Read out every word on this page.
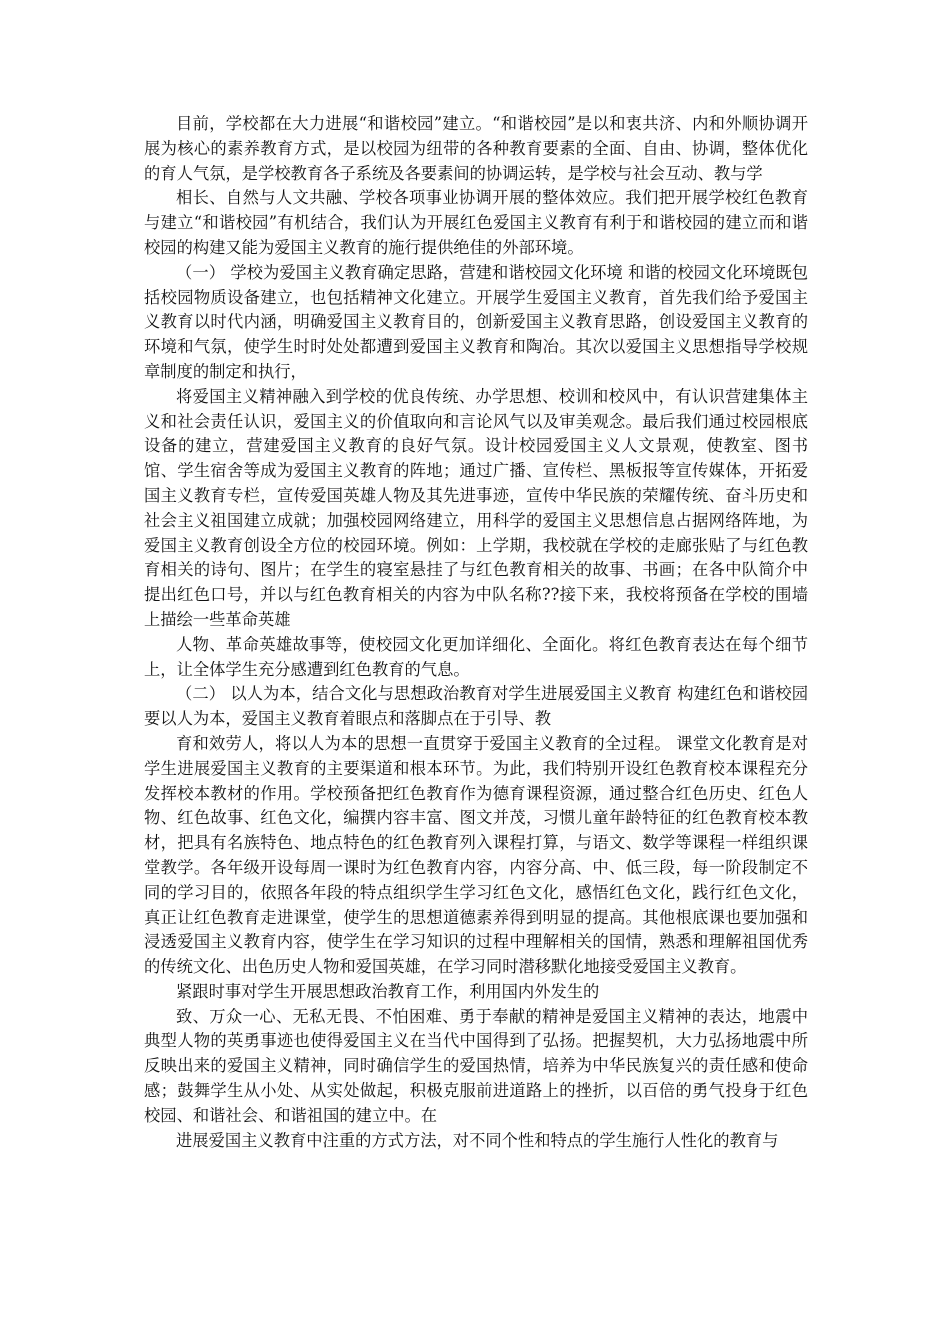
目前，学校都在大力进展“和谐校园”建立。“和谐校园”是以和衷共济、内和外顺协调开展为核心的素养教育方式，是以校园为纽带的各种教育要素的全面、自由、协调，整体优化的育人气氛，是学校教育各子系统及各要素间的协调运转，是学校与社会互动、教与学

相长、自然与人文共融、学校各项事业协调开展的整体效应。我们把开展学校红色教育与建立“和谐校园”有机结合，我们认为开展红色爱国主义教育有利于和谐校园的建立而和谐校园的构建又能为爱国主义教育的施行提供绝佳的外部环境。

（一） 学校为爱国主义教育确定思路，营建和谐校园文化环境 和谐的校园文化环境既包括校园物质设备建立，也包括精神文化建立。开展学生爱国主义教育，首先我们给予爱国主义教育以时代内涵，明确爱国主义教育目的，创新爱国主义教育思路，创设爱国主义教育的环境和气氛，使学生时时处处都遭到爱国主义教育和陶冶。其次以爱国主义思想指导学校规章制度的制定和执行，

将爱国主义精神融入到学校的优良传统、办学思想、校训和校风中，有认识营建集体主义和社会责任认识，爱国主义的价值取向和言论风气以及审美观念。最后我们通过校园根底设备的建立，营建爱国主义教育的良好气氛。设计校园爱国主义人文景观，使教室、图书馆、学生宿舍等成为爱国主义教育的阵地；通过广播、宣传栏、黑板报等宣传媒体，开拓爱国主义教育专栏，宣传爱国英雄人物及其先进事迹，宣传中华民族的荣耀传统、奋斗历史和社会主义祖国建立成就；加强校园网络建立，用科学的爱国主义思想信息占据网络阵地，为爱国主义教育创设全方位的校园环境。例如：上学期，我校就在学校的走廊张贴了与红色教育相关的诗句、图片；在学生的寝室悬挂了与红色教育相关的故事、书画；在各中队简介中提出红色口号，并以与红色教育相关的内容为中队名称??接下来，我校将预备在学校的围墙上描绘一些革命英雄

人物、革命英雄故事等，使校园文化更加详细化、全面化。将红色教育表达在每个细节上，让全体学生充分感遭到红色教育的气息。

（二） 以人为本，结合文化与思想政治教育对学生进展爱国主义教育 构建红色和谐校园要以人为本，爱国主义教育着眼点和落脚点在于引导、教

育和效劳人，将以人为本的思想一直贯穿于爱国主义教育的全过程。 课堂文化教育是对学生进展爱国主义教育的主要渠道和根本环节。为此，我们特别开设红色教育校本课程充分发挥校本教材的作用。学校预备把红色教育作为德育课程资源，通过整合红色历史、红色人物、红色故事、红色文化，编撰内容丰富、图文并茂，习惯儿童年龄特征的红色教育校本教材，把具有名族特色、地点特色的红色教育列入课程打算，与语文、数学等课程一样组织课堂教学。各年级开设每周一课时为红色教育内容，内容分高、中、低三段，每一阶段制定不同的学习目的，依照各年段的特点组织学生学习红色文化，感悟红色文化，践行红色文化，真正让红色教育走进课堂，使学生的思想道德素养得到明显的提高。其他根底课也要加强和浸透爱国主义教育内容，使学生在学习知识的过程中理解相关的国情，熟悉和理解祖国优秀的传统文化、出色历史人物和爱国英雄，在学习同时潜移默化地接受爱国主义教育。

紧跟时事对学生开展思想政治教育工作，利用国内外发生的

致、万众一心、无私无畏、不怕困难、勇于奉献的精神是爱国主义精神的表达，地震中典型人物的英勇事迹也使得爱国主义在当代中国得到了弘扬。把握契机，大力弘扬地震中所反映出来的爱国主义精神，同时确信学生的爱国热情，培养为中华民族复兴的责任感和使命感；鼓舞学生从小处、从实处做起，积极克服前进道路上的挫折，以百倍的勇气投身于红色校园、和谐社会、和谐祖国的建立中。在

进展爱国主义教育中注重的方式方法，对不同个性和特点的学生施行人性化的教育与
